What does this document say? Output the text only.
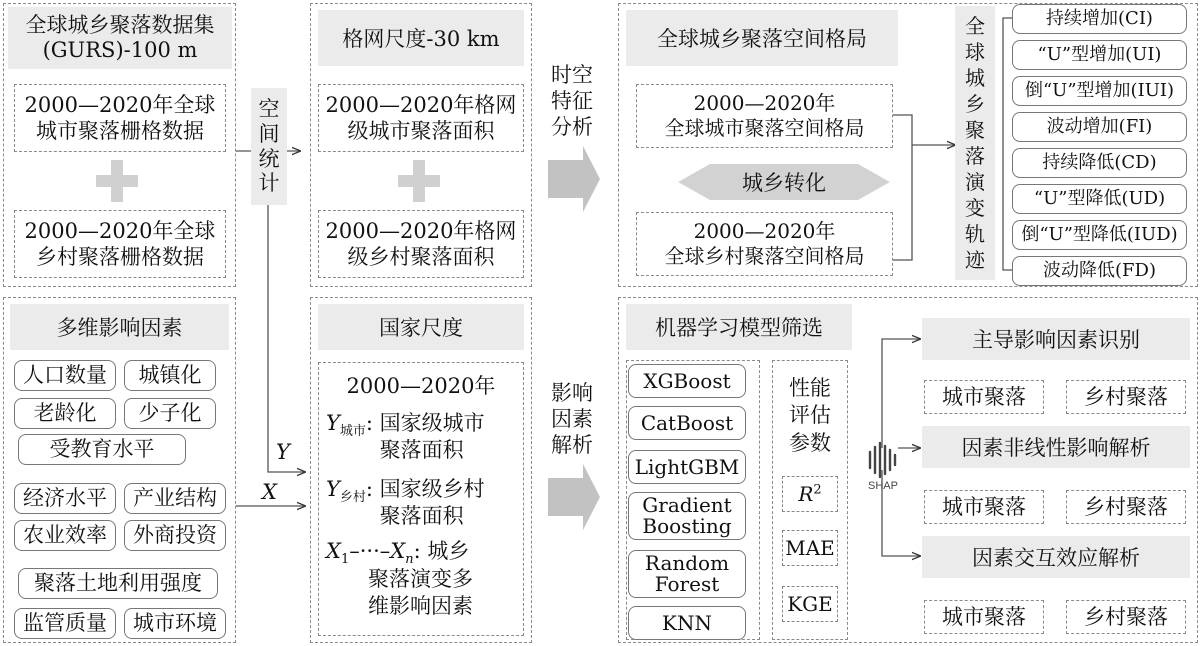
全球城乡聚落数据集
(GURS)-100 m
2000—2020年全球
城市聚落栅格数据
2000—2020年全球
乡村聚落栅格数据
空
间
统
计
格网尺度-30 km
2000—2020年格网
级城市聚落面积
2000—2020年格网
级乡村聚落面积
时空
特征
分析
全球城乡聚落空间格局
2000—2020年
全球城市聚落空间格局
城乡转化
2000—2020年
全球乡村聚落空间格局
全
球
城
乡
聚
落
演
变
轨
迹
持续增加(CI)
“U”型增加(UI)
倒“U”型增加(IUI)
波动增加(FI)
持续降低(CD)
“U”型降低(UD)
倒“U”型降低(IUD)
波动降低(FD)
多维影响因素
人口数量	城镇化
老龄化	少子化
受教育水平
经济水平	产业结构
农业效率	外商投资
聚落土地利用强度
监管质量	城市环境
Y
X
国家尺度
2000—2020年
$Y_{城市}$: 国家级城市
聚落面积
$Y_{乡村}$: 国家级乡村
聚落面积
$X_1-\cdot\cdot\cdot-X_n$: 城乡
聚落演变多
维影响因素
影响
因素
解析
机器学习模型筛选
XGBoost
CatBoost
LightGBM
Gradient
Boosting
Random
Forest
KNN
性能
评估
参数
$R^2$
MAE
KGE
SHAP
主导影响因素识别
城市聚落	乡村聚落
因素非线性影响解析
城市聚落	乡村聚落
因素交互效应解析
城市聚落	乡村聚落
